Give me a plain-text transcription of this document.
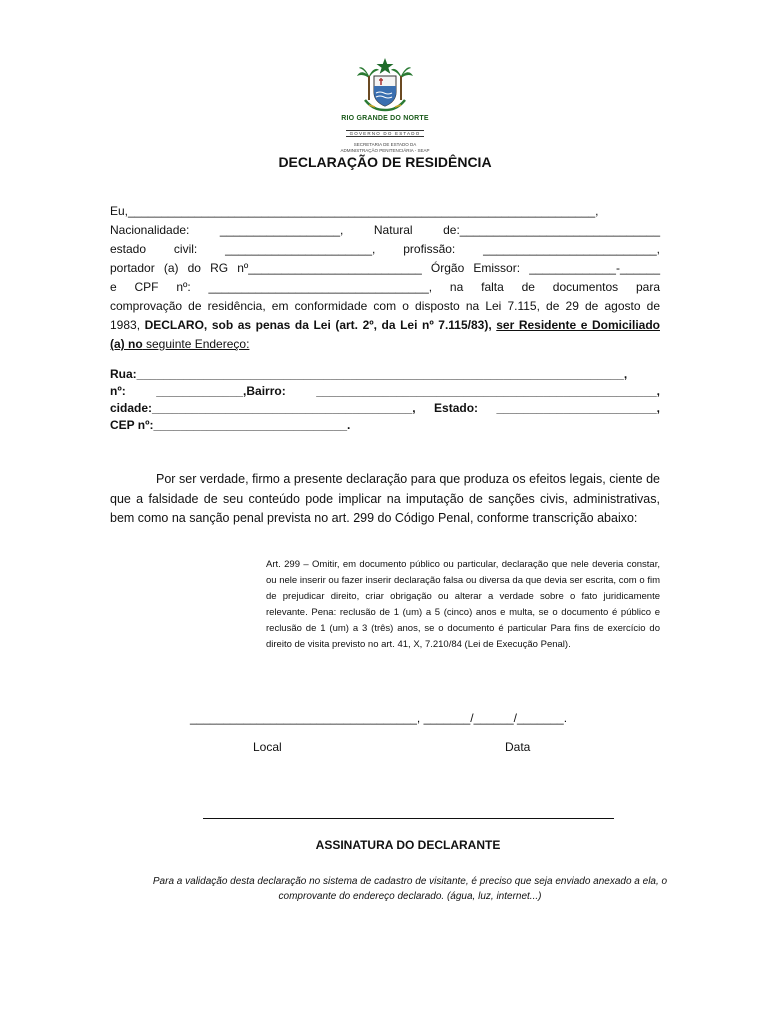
RIO GRANDE DO NORTE
GOVERNO DO ESTADO
SECRETARIA DE ESTADO DA
ADMINISTRAÇÃO PENITENCIÁRIA - SEAP
DECLARAÇÃO DE RESIDÊNCIA

Eu,______________________________________________________________________,

Nacionalidade: __________________, Natural de:______________________________

estado civil: ______________________, profissão: __________________________,

portador (a) do RG nº__________________________ Órgão Emissor: _____________-______

e CPF nº: _________________________________, na falta de documentos para

comprovação de residência, em conformidade com o disposto na Lei 7.115, de 29 de agosto de

1983, DECLARO, sob as penas da Lei (art. 2º, da Lei nº 7.115/83), ser Residente e Domiciliado

(a) no seguinte Endereço:

Rua:_________________________________________________________________________,

nº: _____________,Bairro: ___________________________________________________,

cidade:_______________________________________, Estado: ________________________,

CEP nº:_____________________________.

Por ser verdade, firmo a presente declaração para que produza os efeitos legais, ciente de que a falsidade de seu conteúdo pode implicar na imputação de sanções civis, administrativas, bem como na sanção penal prevista no art. 299 do Código Penal, conforme transcrição abaixo:

Art. 299 – Omitir, em documento público ou particular, declaração que nele deveria constar, ou nele inserir ou fazer inserir declaração falsa ou diversa da que devia ser escrita, com o fim de prejudicar direito, criar obrigação ou alterar a verdade sobre o fato juridicamente relevante. Pena: reclusão de 1 (um) a 5 (cinco) anos e multa, se o documento é público e reclusão de 1 (um) a 3 (três) anos, se o documento é particular Para fins de exercício do direito de visita previsto no art. 41, X, 7.210/84 (Lei de Execução Penal).
__________________________________, _______/______/_______.
Local	Data
ASSINATURA DO DECLARANTE
Para a validação desta declaração no sistema de cadastro de visitante, é preciso que seja enviado anexado a ela, o comprovante do endereço declarado. (água, luz, internet...)
